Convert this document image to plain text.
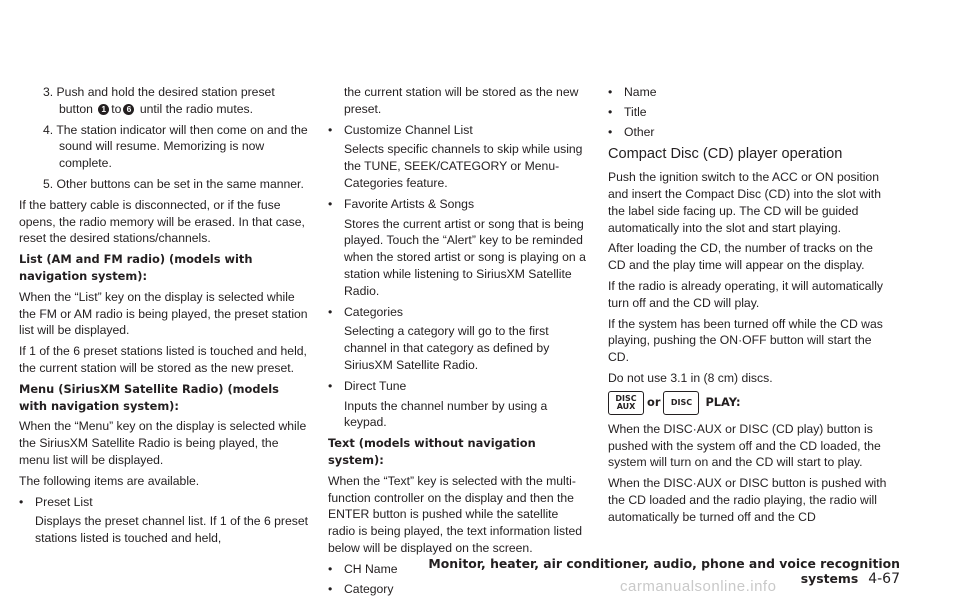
3. Push and hold the desired station preset button 1 to 6 until the radio mutes.

4. The station indicator will then come on and the sound will resume. Memorizing is now complete.

5. Other buttons can be set in the same manner.

If the battery cable is disconnected, or if the fuse opens, the radio memory will be erased. In that case, reset the desired stations/channels.

List (AM and FM radio) (models with navigation system):

When the “List” key on the display is selected while the FM or AM radio is being played, the preset station list will be displayed.

If 1 of the 6 preset stations listed is touched and held, the current station will be stored as the new preset.

Menu (SiriusXM Satellite Radio) (models with navigation system):

When the “Menu” key on the display is selected while the SiriusXM Satellite Radio is being played, the menu list will be displayed.

The following items are available.

• Preset List

Displays the preset channel list. If 1 of the 6 preset stations listed is touched and held,

the current station will be stored as the new preset.

• Customize Channel List

Selects specific channels to skip while using the TUNE, SEEK/CATEGORY or Menu-Categories feature.

• Favorite Artists & Songs

Stores the current artist or song that is being played. Touch the “Alert” key to be reminded when the stored artist or song is playing on a station while listening to SiriusXM Satellite Radio.

• Categories

Selecting a category will go to the first channel in that category as defined by SiriusXM Satellite Radio.

• Direct Tune

Inputs the channel number by using a keypad.

Text (models without navigation system):

When the “Text” key is selected with the multi-function controller on the display and then the ENTER button is pushed while the satellite radio is being played, the text information listed below will be displayed on the screen.

• CH Name
• Category
• Name
• Title
• Other

Compact Disc (CD) player operation

Push the ignition switch to the ACC or ON position and insert the Compact Disc (CD) into the slot with the label side facing up. The CD will be guided automatically into the slot and start playing.

After loading the CD, the number of tracks on the CD and the play time will appear on the display.

If the radio is already operating, it will automatically turn off and the CD will play.

If the system has been turned off while the CD was playing, pushing the ON·OFF button will start the CD.

Do not use 3.1 in (8 cm) discs.

DISC
AUX or DISC PLAY:

When the DISC·AUX or DISC (CD play) button is pushed with the system off and the CD loaded, the system will turn on and the CD will start to play.

When the DISC·AUX or DISC button is pushed with the CD loaded and the radio playing, the radio will automatically be turned off and the CD

Monitor, heater, air conditioner, audio, phone and voice recognition systems 4-67
carmanualsonline.info
